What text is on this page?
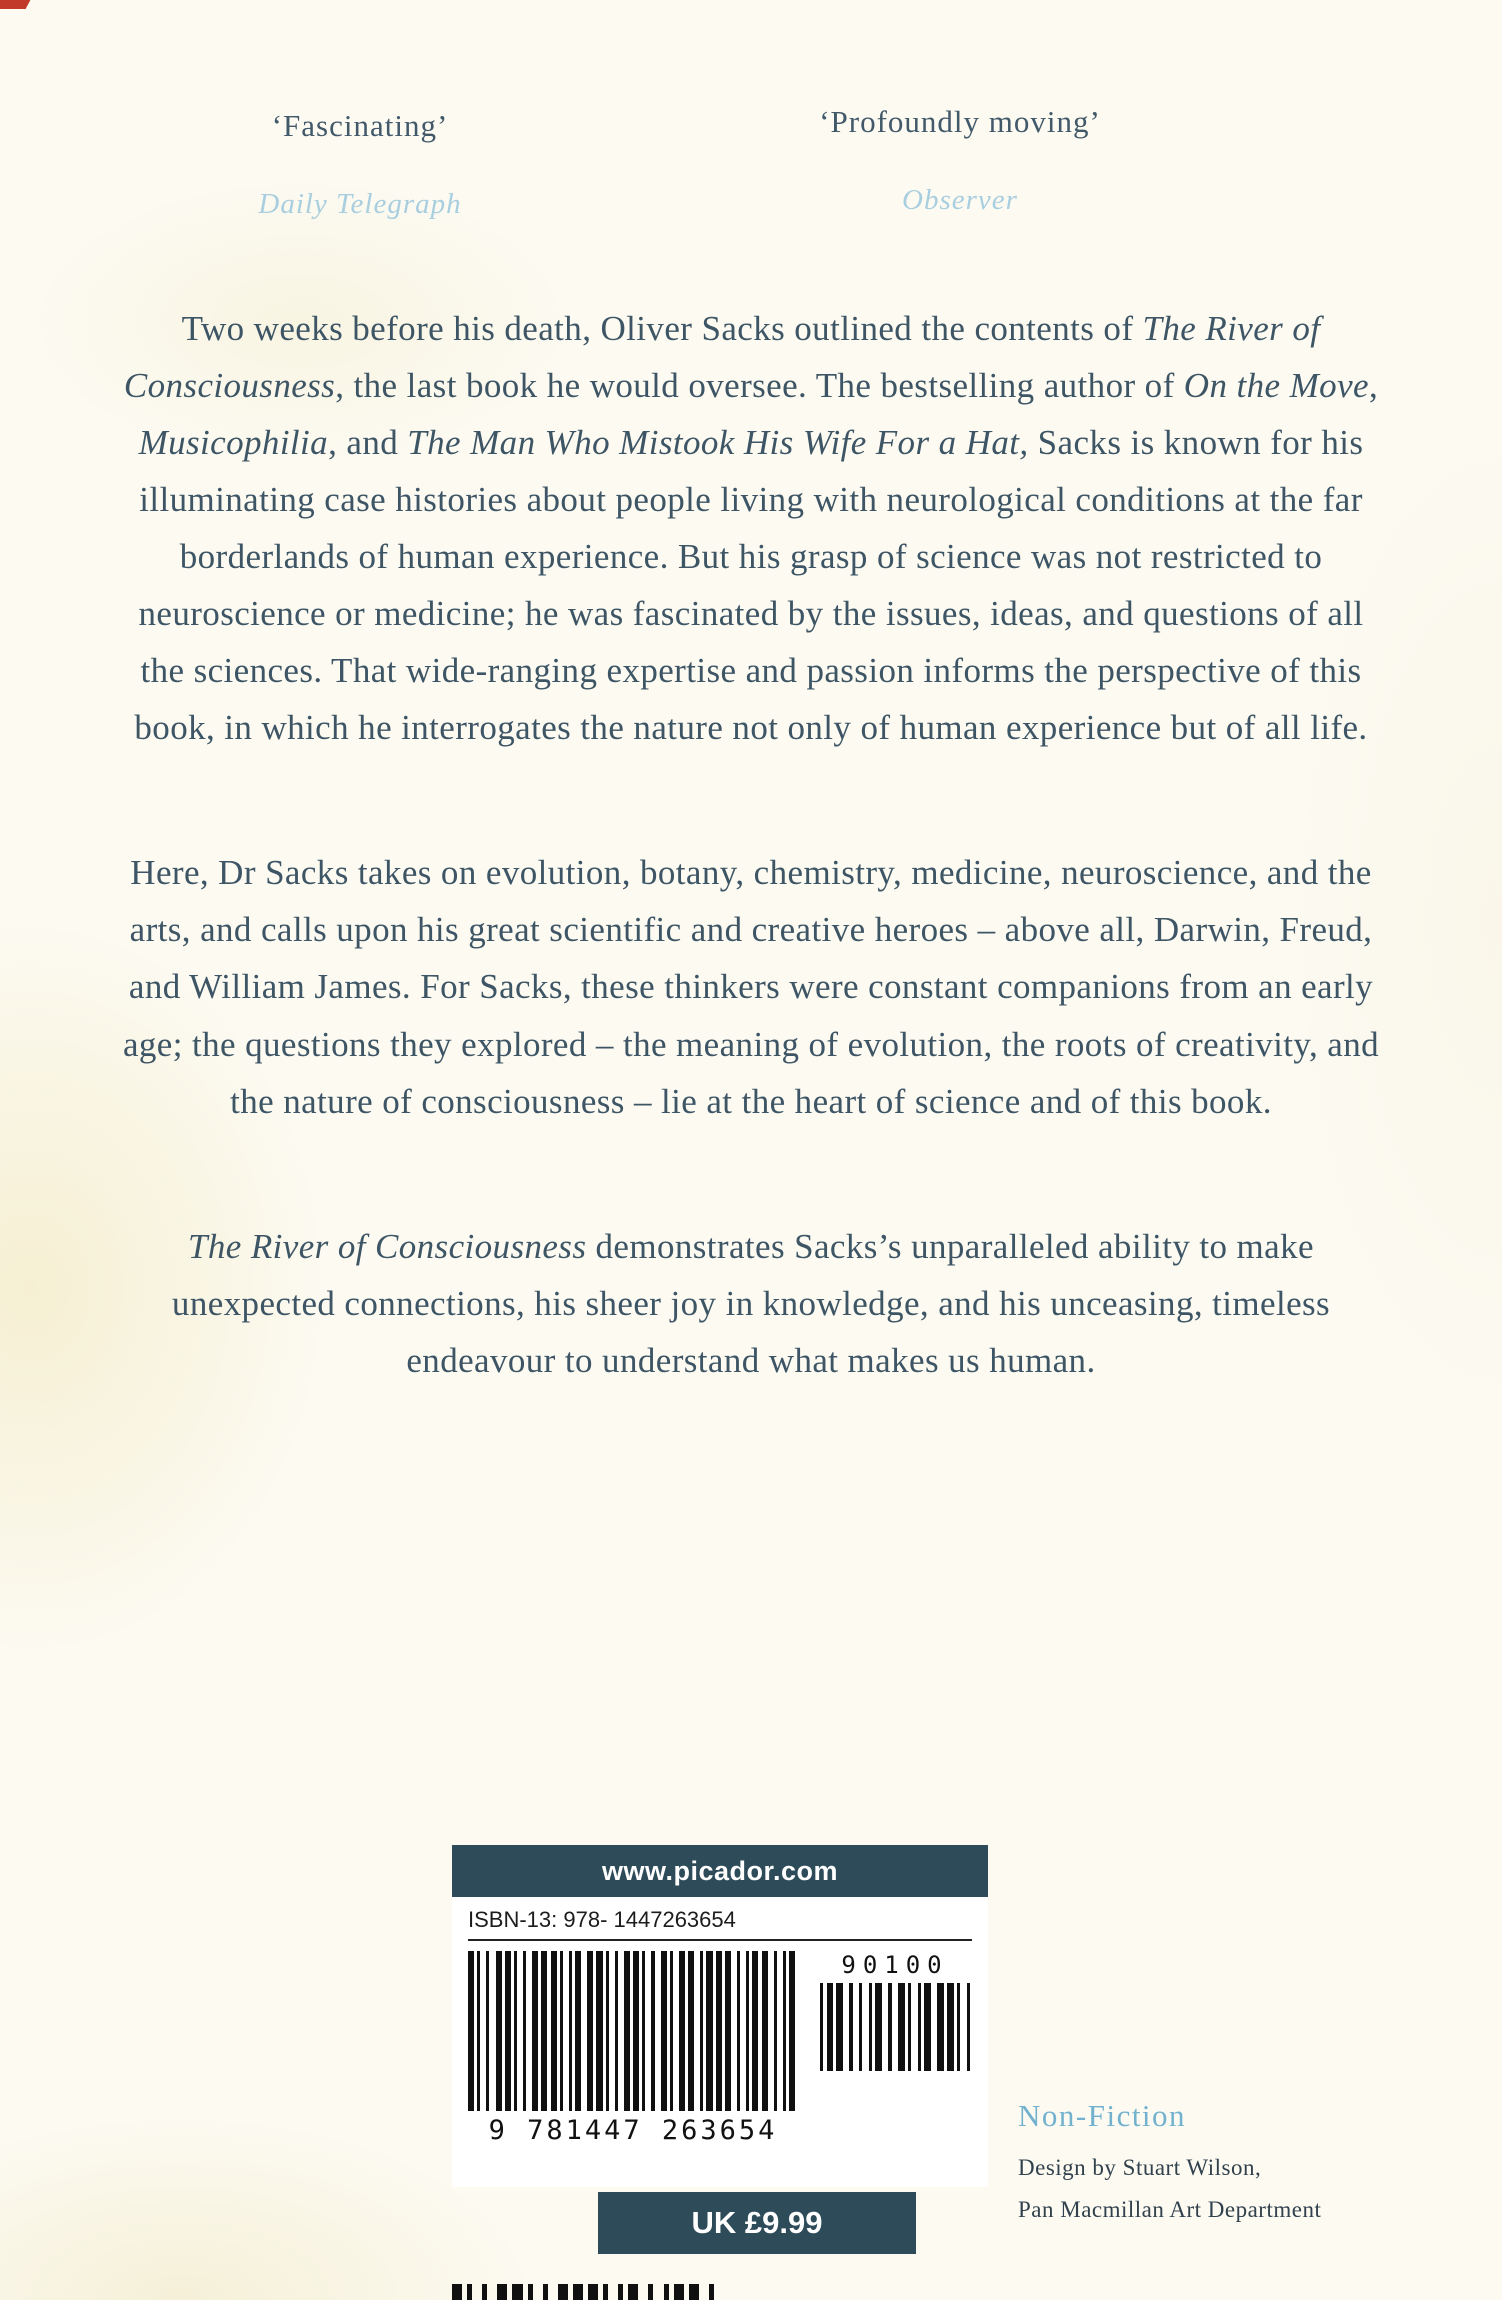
‘Fascinating’
Daily Telegraph
‘Profoundly moving’
Observer

Two weeks before his death, Oliver Sacks outlined the contents of The River of Consciousness, the last book he would oversee. The bestselling author of On the Move, Musicophilia, and The Man Who Mistook His Wife For a Hat, Sacks is known for his illuminating case histories about people living with neurological conditions at the far borderlands of human experience. But his grasp of science was not restricted to neuroscience or medicine; he was fascinated by the issues, ideas, and questions of all the sciences. That wide-ranging expertise and passion informs the perspective of this book, in which he interrogates the nature not only of human experience but of all life.

Here, Dr Sacks takes on evolution, botany, chemistry, medicine, neuroscience, and the arts, and calls upon his great scientific and creative heroes – above all, Darwin, Freud, and William James. For Sacks, these thinkers were constant companions from an early age; the questions they explored – the meaning of evolution, the roots of creativity, and the nature of consciousness – lie at the heart of science and of this book.

The River of Consciousness demonstrates Sacks’s unparalleled ability to make unexpected connections, his sheer joy in knowledge, and his unceasing, timeless endeavour to understand what makes us human.

www.picador.com
ISBN-13: 978- 1447263654
9 781447 263654
90100
UK £9.99
Non-Fiction
Design by Stuart Wilson,
Pan Macmillan Art Department
